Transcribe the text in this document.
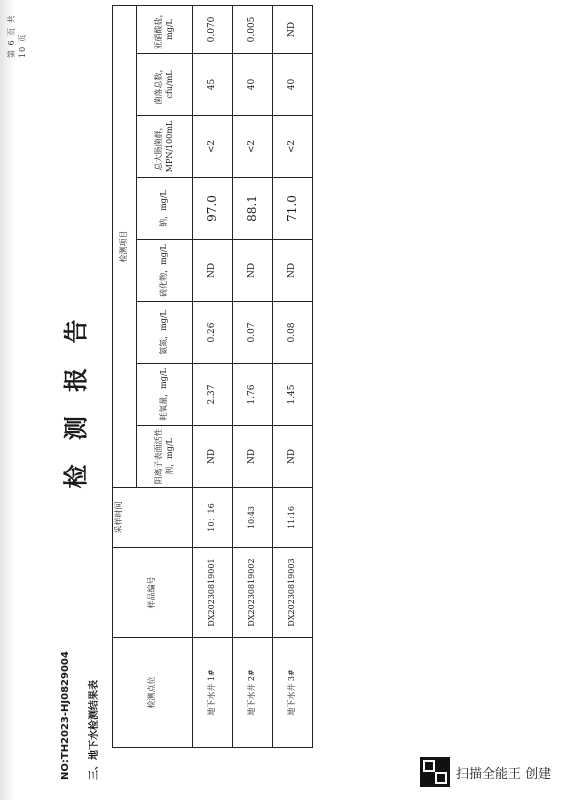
第 6 页 共 10 页
检 测 报 告
NO:TH2023-HJ0829004	三、地下水检测结果表	检测点位	样品编号	采样时间	检测项目							
			阴离子表面活性剂，mg/L	耗氧量，mg/L	氨氮，mg/L	硫化物，mg/L	钠，mg/L	总大肠菌群，MPN/100mL	菌落总数，cfu/mL	亚硝酸盐，mg/L
地下水井 1#	DX20230819001	10：16	ND	2.37	0.26	ND	97.0	<2	45	0.070
地下水井 2#	DX20230819002	10:43	ND	1.76	0.07	ND	88.1	<2	40	0.005
地下水井 3#	DX20230819003	11:16	ND	1.45	0.08	ND	71.0	<2	40	ND
扫描全能王 创建
